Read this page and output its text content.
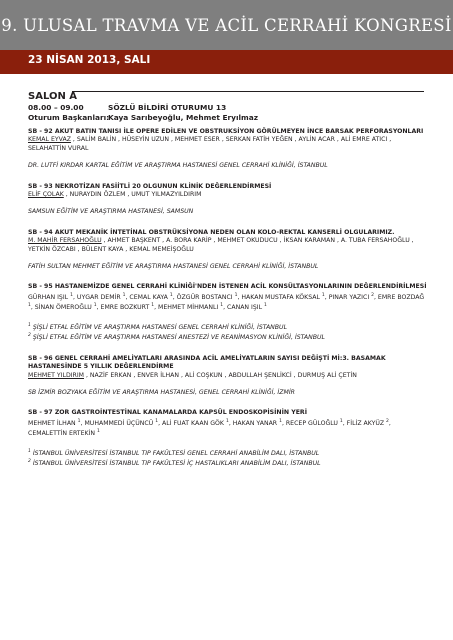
9. ULUSAL TRAVMA VE ACİL CERRAHİ KONGRESİ
23 NİSAN 2013, SALI
SALON A
08.00 – 09.00	SÖZLÜ BİLDİRİ OTURUMU 13
Oturum Başkanları:Kaya Sarıbeyoğlu, Mehmet Eryılmaz
SB - 92 AKUT BATIN TANISI İLE OPERE EDİLEN VE OBSTRUKSİYON GÖRÜLMEYEN İNCE BARSAK PERFORASYONLARI
KEMAL EYVAZ , SALİM BALİN , HÜSEYİN UZUN , MEHMET ESER , SERKAN FATİH YEĞEN , AYLİN ACAR , ALİ EMRE ATICI , SELAHATTİN VURAL
DR. LUTFİ KIRDAR KARTAL EĞİTİM VE ARAŞTIRMA HASTANESİ GENEL CERRAHİ KLİNİĞİ, İSTANBUL
SB - 93 NEKROTİZAN FASİİTLİ 20 OLGUNUN KLİNİK DEĞERLENDİRMESİ
ELİF ÇOLAK , NURAYDIN ÖZLEM , UMUT YILMAZYILDIRIM
SAMSUN EĞİTİM VE ARAŞTIRMA HASTANESİ, SAMSUN
SB - 94 AKUT MEKANİK İNTETİNAL OBSTRÜKSİYONA NEDEN OLAN KOLO-REKTAL KANSERLİ OLGULARIMIZ.
M. MAHİR FERSAHOĞLU , AHMET BAŞKENT , A. BORA KARİP , MEHMET OKUDUCU , İKSAN KARAMAN , A. TUBA FERSAHOĞLU , YETKİN ÖZCABI , BÜLENT KAYA , KEMAL MEMEİŞOĞLU
FATİH SULTAN MEHMET EĞİTİM VE ARAŞTIRMA HASTANESİ GENEL CERRAHİ KLİNİĞİ, İSTANBUL
SB - 95 HASTANEMİZDE GENEL CERRAHİ KLİNİĞİ'NDEN İSTENEN ACİL KONSÜLTASYONLARININ DEĞERLENDİRİLMESİ
GÜRHAN IŞIL $^1$, UYGAR DEMİR $^1$, CEMAL KAYA $^1$, ÖZGÜR BOSTANCI $^1$, HAKAN MUSTAFA KÖKSAL $^1$, PINAR YAZICI $^2$, EMRE BOZDAĞ $^1$, SİNAN ÖMEROĞLU $^1$, EMRE BOZKURT $^1$, MEHMET MİHMANLI $^1$, CANAN IŞIL $^1$
$^1$ ŞİŞLİ ETFAL EĞİTİM VE ARAŞTIRMA HASTANESİ GENEL CERRAHİ KLİNİĞİ, İSTANBUL
$^2$ ŞİŞLİ ETFAL EĞİTİM VE ARAŞTIRMA HASTANESİ ANESTEZİ VE REANİMASYON KLİNİĞİ, İSTANBUL
SB - 96 GENEL CERRAHİ AMELİYATLARI ARASINDA ACİL AMELİYATLARIN SAYISI DEĞİŞTİ Mİ:3. BASAMAK HASTANESİNDE 5 YILLIK DEĞERLENDİRME
MEHMET YILDIRIM , NAZİF ERKAN , ENVER İLHAN , ALİ COŞKUN , ABDULLAH ŞENLİKCİ , DURMUŞ ALİ ÇETİN
SB İZMİR BOZYAKA EĞİTİM VE ARAŞTIRMA HASTANESİ, GENEL CERRAHİ KLİNİĞİ, İZMİR
SB - 97 ZOR GASTROİNTESTİNAL KANAMALARDA KAPSÜL ENDOSKOPİSİNİN YERİ
MEHMET İLHAN $^1$, MUHAMMEDİ ÜÇÜNCÜ $^1$, ALİ FUAT KAAN GÖK $^1$, HAKAN YANAR $^1$, RECEP GÜLOĞLU $^1$, FİLİZ AKYÜZ $^2$, CEMALETTİN ERTEKİN $^1$
$^1$ İSTANBUL ÜNİVERSİTESİ İSTANBUL TIP FAKÜLTESİ GENEL CERRAHİ ANABİLİM DALI, İSTANBUL
$^2$ İSTANBUL ÜNİVERSİTESİ İSTANBUL TIP FAKÜLTESİ İÇ HASTALIKLARI ANABİLİM DALI, İSTANBUL
